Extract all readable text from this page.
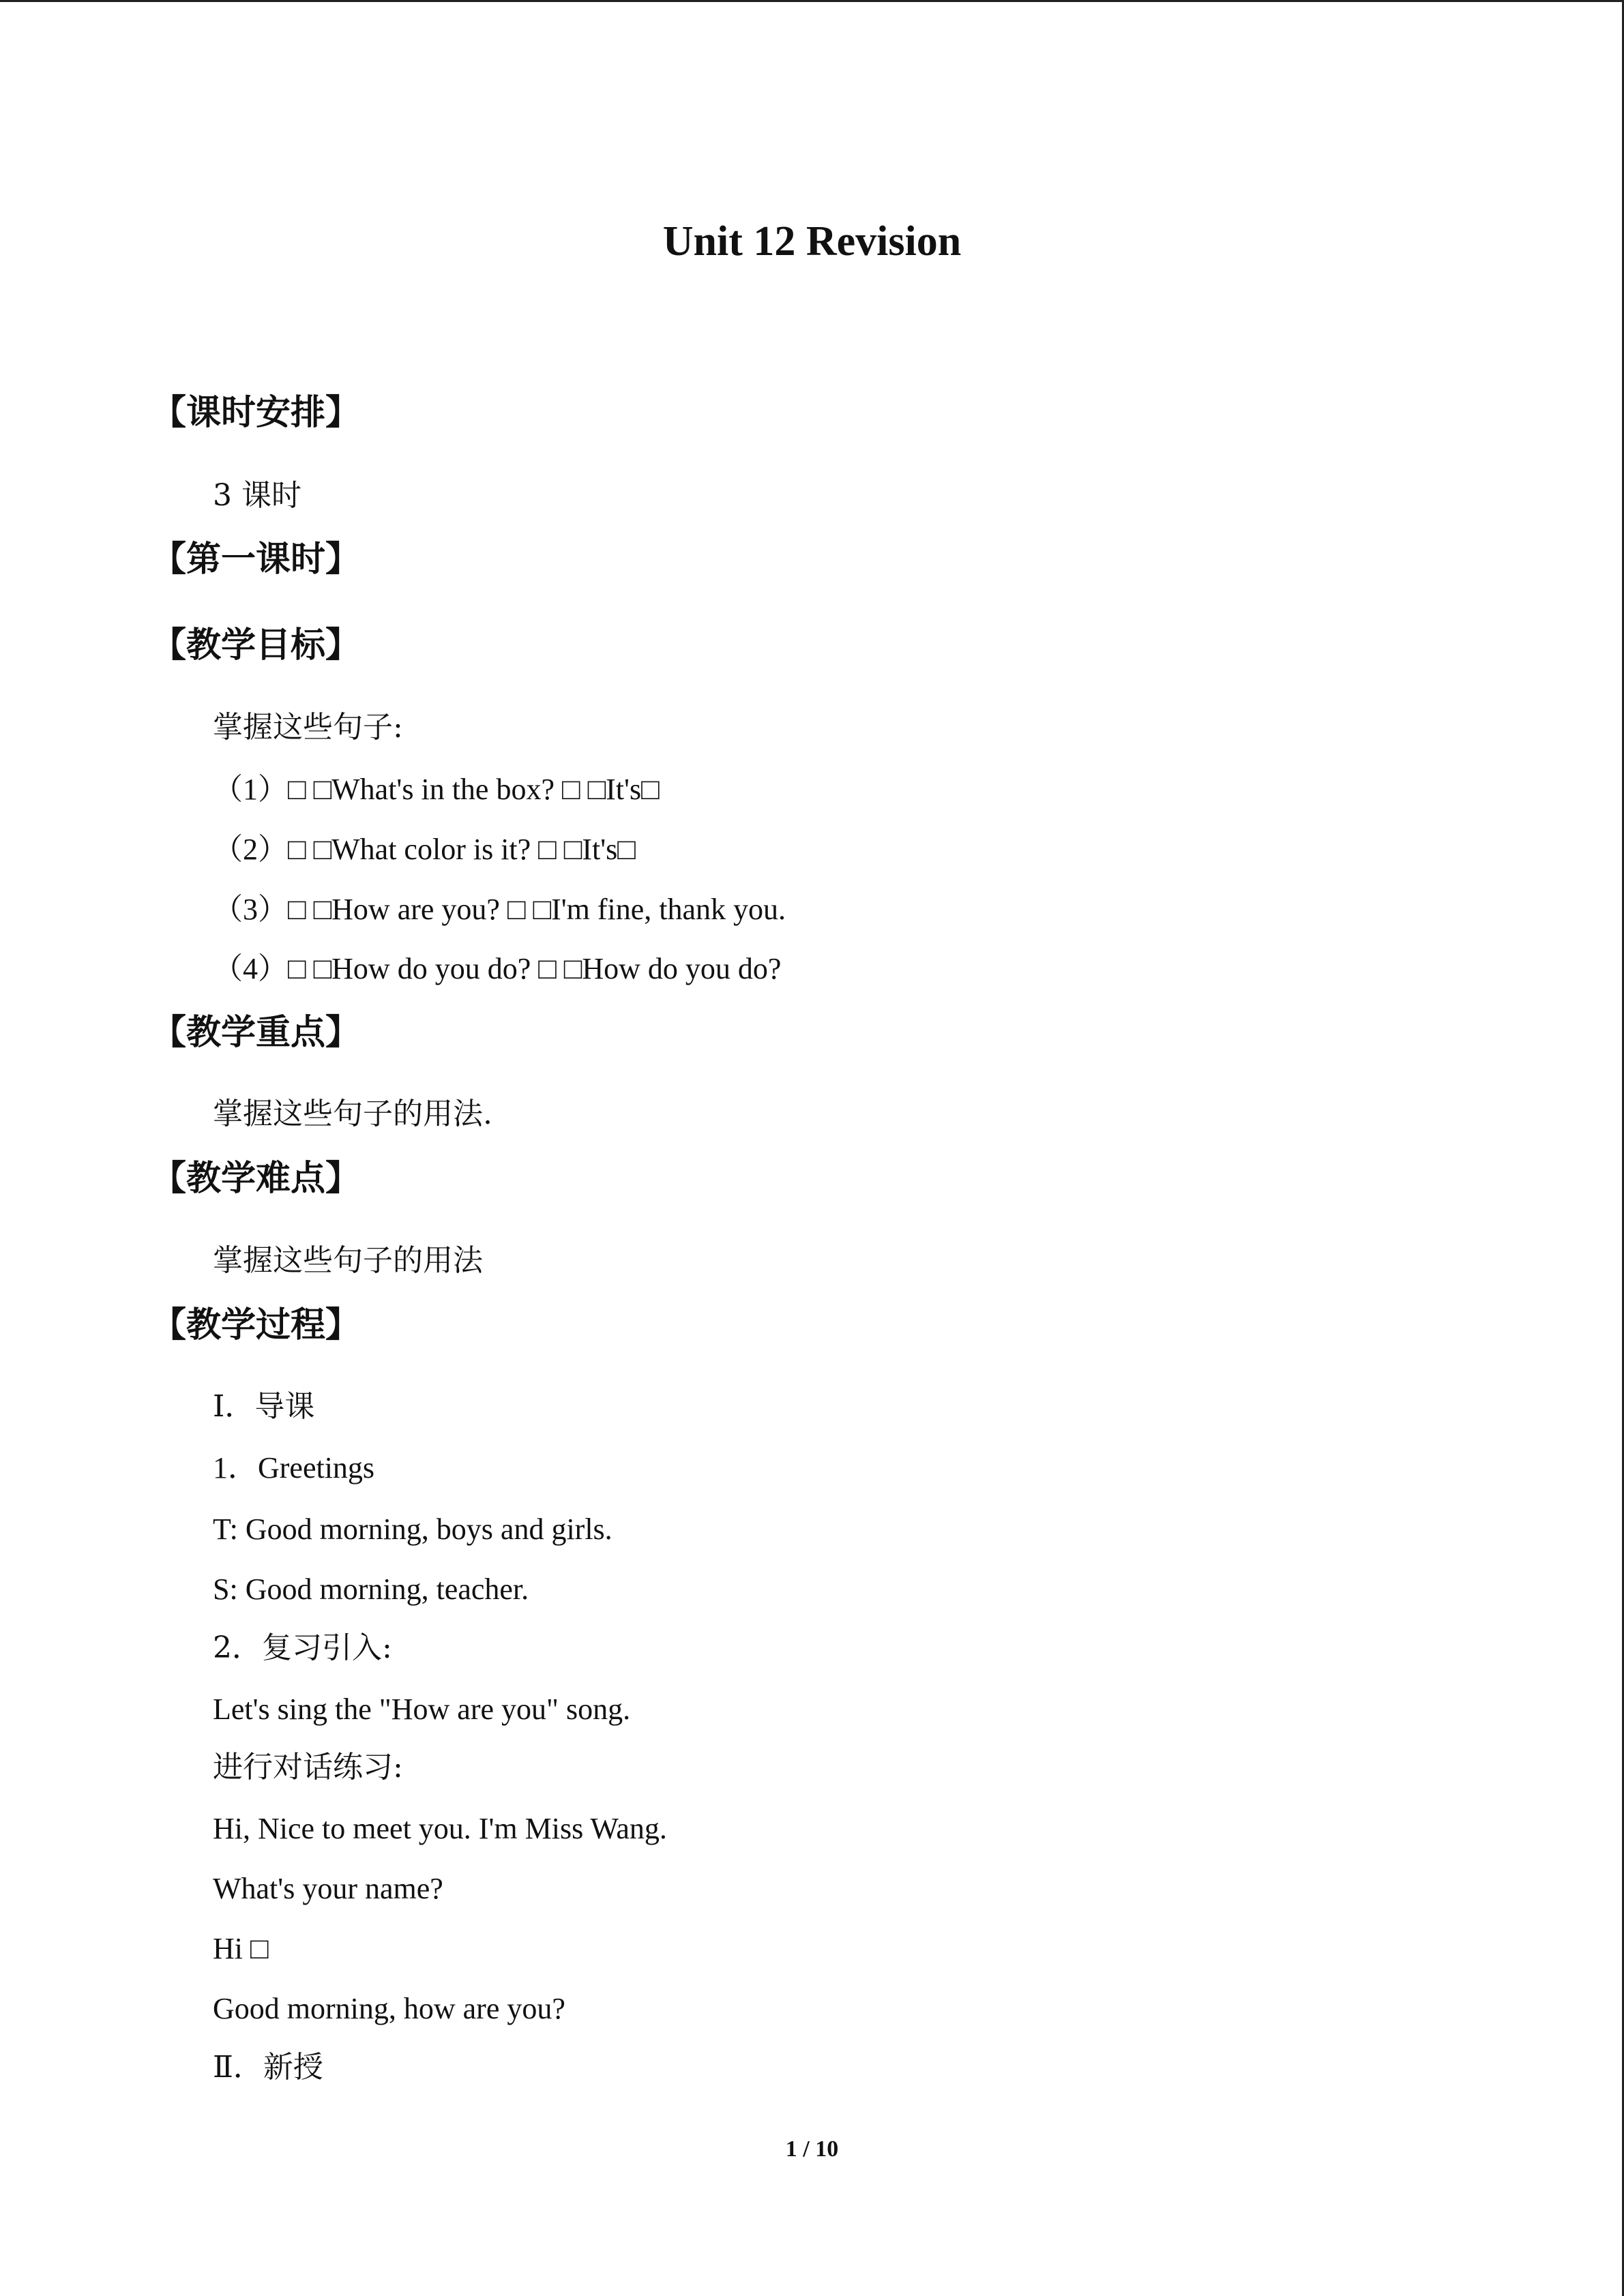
Unit 12 Revision
【课时安排】
3 课时
【第一课时】
【教学目标】
掌握这些句子:
（1）□ □What's in the box? □ □It's□
（2）□ □What color is it? □ □It's□
（3）□ □How are you? □ □I'm fine, thank you.
（4）□ □How do you do? □ □How do you do?
【教学重点】
掌握这些句子的用法.
【教学难点】
掌握这些句子的用法
【教学过程】
Ⅰ．导课
1．Greetings
T: Good morning, boys and girls.
S: Good morning, teacher.
2．复习引入:
Let's sing the "How are you" song.
进行对话练习:
Hi, Nice to meet you. I'm Miss Wang.
What's your name?
Hi □
Good morning, how are you?
Ⅱ．新授
1 / 10
